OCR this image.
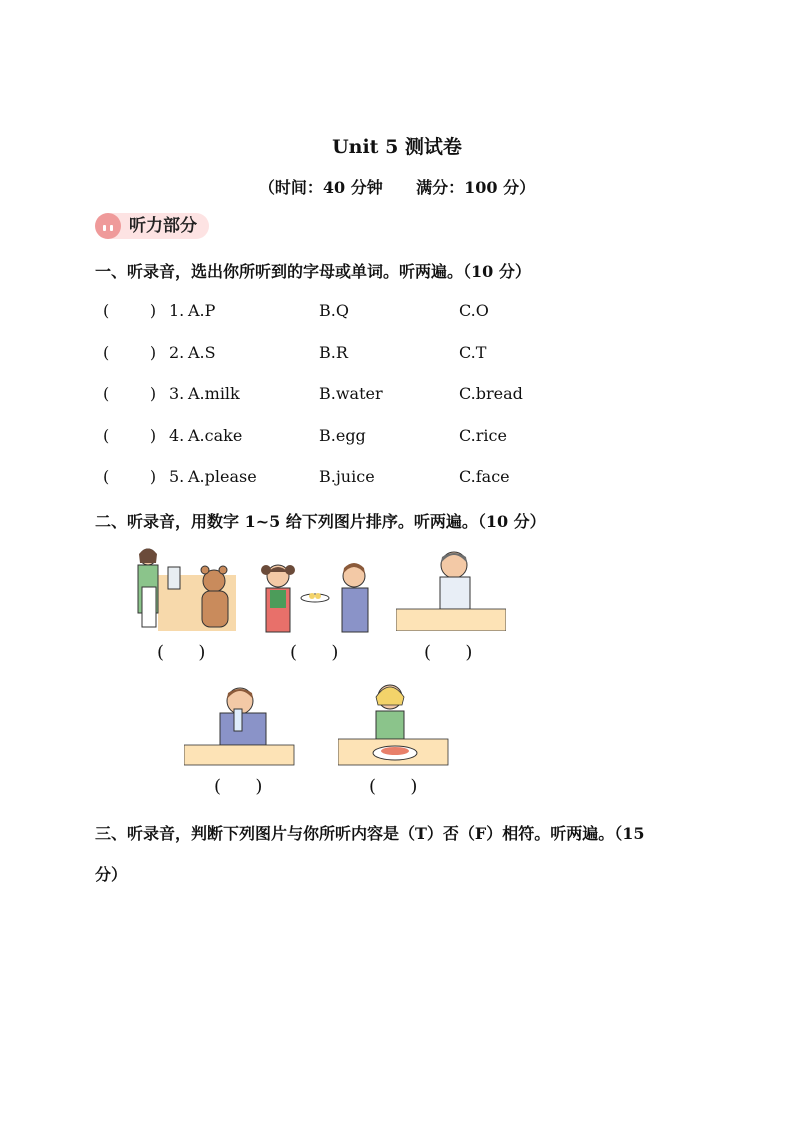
Unit 5 测试卷
（时间：40 分钟      满分：100 分）
听力部分
一、听录音，选出你所听到的字母或单词。听两遍。（10 分）
(        ) 1. A.P	B.Q	C.O
(        ) 2. A.S	B.R	C.T
(        ) 3. A.milk	B.water	C.bread
(        ) 4. A.cake	B.egg	C.rice
(        ) 5. A.please	B.juice	C.face
二、听录音，用数字 1~5 给下列图片排序。听两遍。（10 分）
(      )	(      )	(      )
(      )	(      )
三、听录音，判断下列图片与你所听内容是（T）否（F）相符。听两遍。（15
分）
